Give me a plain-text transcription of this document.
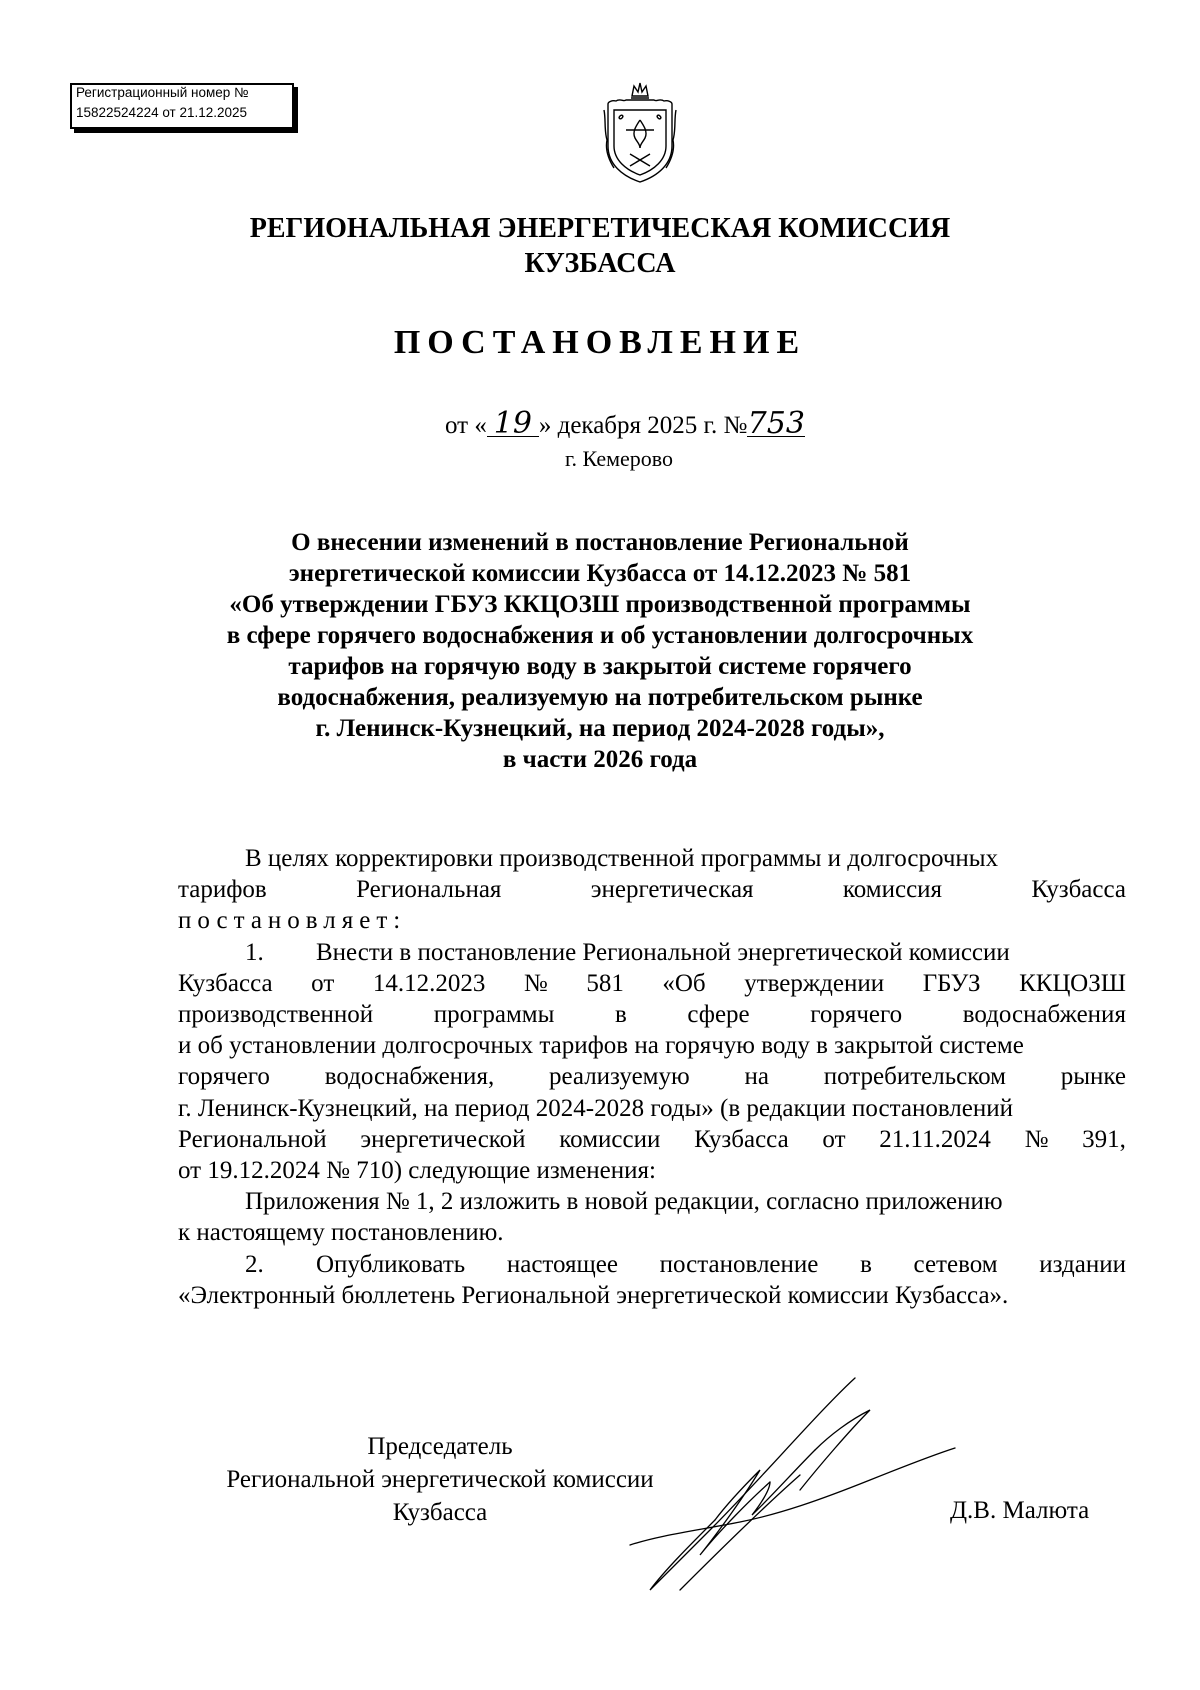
Регистрационный номер №
15822524224 от 21.12.2025
РЕГИОНАЛЬНАЯ ЭНЕРГЕТИЧЕСКАЯ КОМИССИЯ
КУЗБАССА
ПОСТАНОВЛЕНИЕ
от « 19 » декабря 2025 г. №753
г. Кемерово
О внесении изменений в постановление Региональной
энергетической комиссии Кузбасса от 14.12.2023 № 581
«Об утверждении ГБУЗ ККЦОЗШ производственной программы
в сфере горячего водоснабжения и об установлении долгосрочных
тарифов на горячую воду в закрытой системе горячего
водоснабжения, реализуемую на потребительском рынке
г. Ленинск-Кузнецкий, на период 2024-2028 годы»,
в части 2026 года
В целях корректировки производственной программы и долгосрочных
тарифов	Региональная	энергетическая	комиссия	Кузбасса
постановляет:
1. Внести в постановление Региональной энергетической комиссии
Кузбасса от 14.12.2023 № 581 «Об утверждении ГБУЗ ККЦОЗШ
производственной программы в сфере горячего водоснабжения
и об установлении долгосрочных тарифов на горячую воду в закрытой системе
горячего водоснабжения, реализуемую на потребительском рынке
г. Ленинск-Кузнецкий, на период 2024-2028 годы» (в редакции постановлений
Региональной энергетической комиссии Кузбасса от 21.11.2024 № 391,
от 19.12.2024 № 710) следующие изменения:
Приложения № 1, 2 изложить в новой редакции, согласно приложению
к настоящему постановлению.
2.	Опубликовать настоящее постановление в сетевом издании
«Электронный бюллетень Региональной энергетической комиссии Кузбасса».
Председатель
Региональной энергетической комиссии
Кузбасса	Д.В. Малюта
